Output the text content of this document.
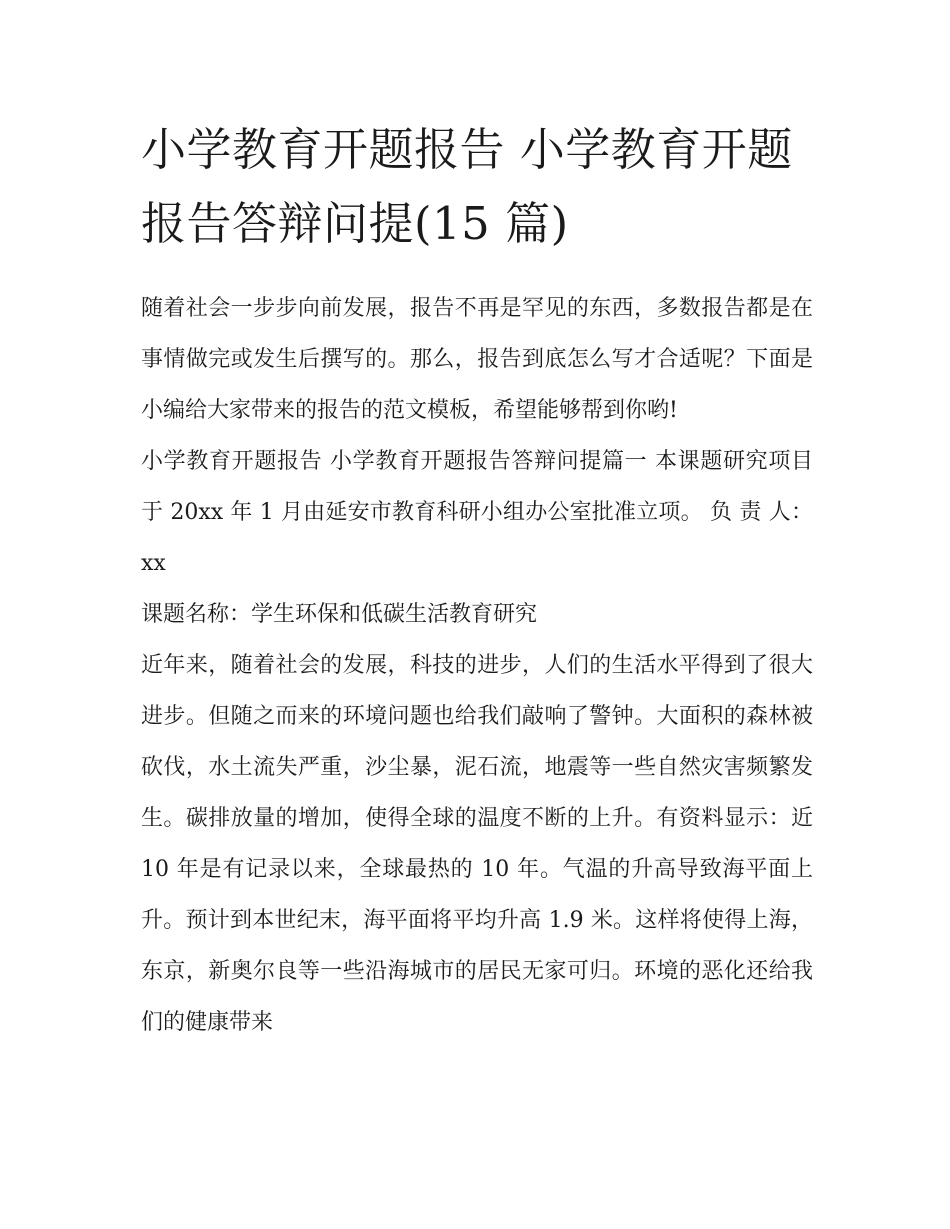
小学教育开题报告 小学教育开题报告答辩问提(15 篇)

随着社会一步步向前发展，报告不再是罕见的东西，多数报告都是在事情做完或发生后撰写的。那么，报告到底怎么写才合适呢？下面是小编给大家带来的报告的范文模板，希望能够帮到你哟!

小学教育开题报告 小学教育开题报告答辩问提篇一 本课题研究项目于 20xx 年 1 月由延安市教育科研小组办公室批准立项。 负 责 人：xx

课题名称：学生环保和低碳生活教育研究

近年来，随着社会的发展，科技的进步，人们的生活水平得到了很大进步。但随之而来的环境问题也给我们敲响了警钟。大面积的森林被砍伐，水土流失严重，沙尘暴，泥石流，地震等一些自然灾害频繁发生。碳排放量的增加，使得全球的温度不断的上升。有资料显示：近 10 年是有记录以来，全球最热的 10 年。气温的升高导致海平面上升。预计到本世纪末，海平面将平均升高 1.9 米。这样将使得上海，东京，新奥尔良等一些沿海城市的居民无家可归。环境的恶化还给我们的健康带来
